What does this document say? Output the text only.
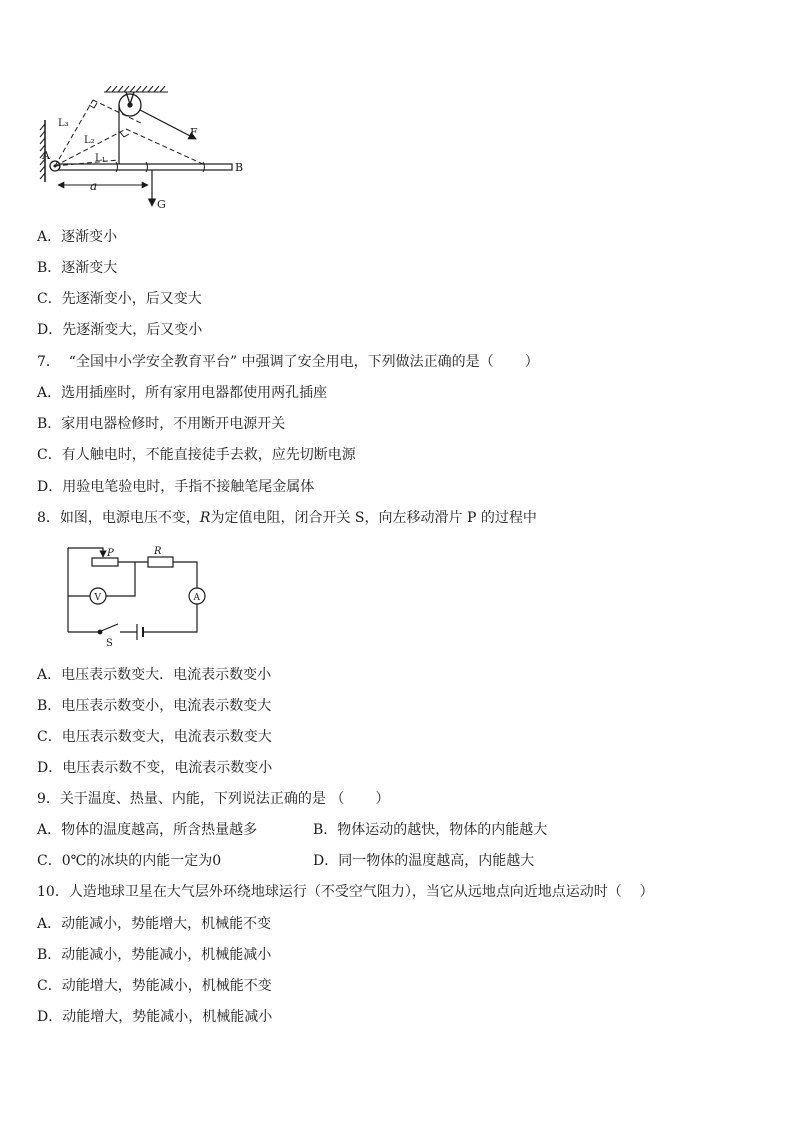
A
B
F
G
a
L₃
L₂
L₁
A．逐渐变小
B．逐渐变大
C．先逐渐变小，后又变大
D．先逐渐变大，后又变小
7．  “全国中小学安全教育平台” 中强调了安全用电，下列做法正确的是（       ）
A．选用插座时，所有家用电器都使用两孔插座
B．家用电器检修时，不用断开电源开关
C．有人触电时，不能直接徒手去救，应先切断电源
D．用验电笔验电时，手指不接触笔尾金属体
8．如图，电源电压不变，R为定值电阻，闭合开关 S，向左移动滑片 P 的过程中
P	R
V	A
S
A．电压表示数变大．电流表示数变小
B．电压表示数变小，电流表示数变大
C．电压表示数变大，电流表示数变大
D．电压表示数不变，电流表示数变小
9．关于温度、热量、内能，下列说法正确的是 （       ）
A．物体的温度越高，所含热量越多	B．物体运动的越快，物体的内能越大
C．0℃的冰块的内能一定为0	D．同一物体的温度越高，内能越大
10．人造地球卫星在大气层外环绕地球运行（不受空气阻力），当它从远地点向近地点运动时（    ）
A．动能减小，势能增大，机械能不变
B．动能减小，势能减小，机械能减小
C．动能增大，势能减小，机械能不变
D．动能增大，势能减小，机械能减小
